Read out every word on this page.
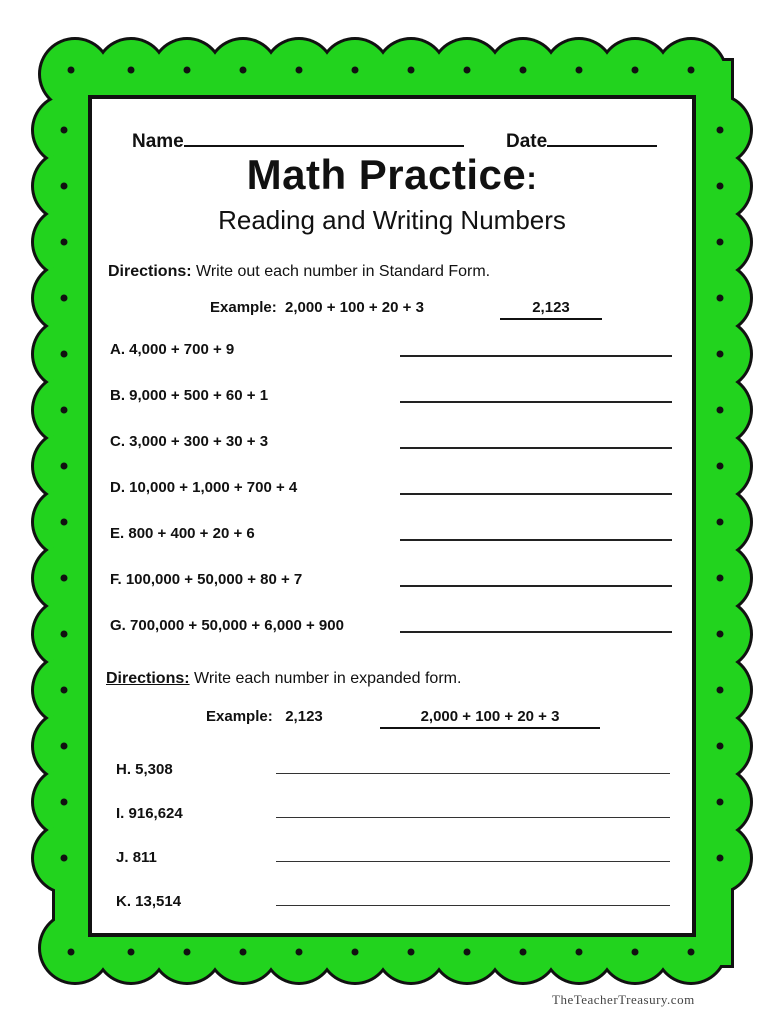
Name	Date
Math Practice:
Reading and Writing Numbers
Directions: Write out each number in Standard Form.
Example: 2,000 + 100 + 20 + 3	2,123
A. 4,000 + 700 + 9
B. 9,000 + 500 + 60 + 1
C. 3,000 + 300 + 30 + 3
D. 10,000 + 1,000 + 700 + 4
E. 800 + 400 + 20 + 6
F. 100,000 + 50,000 + 80 + 7
G. 700,000 + 50,000 + 6,000 + 900
Directions: Write each number in expanded form.
Example: 2,123	2,000 + 100 + 20 + 3
H. 5,308
I. 916,624
J. 811
K. 13,514
TheTeacherTreasury.com
